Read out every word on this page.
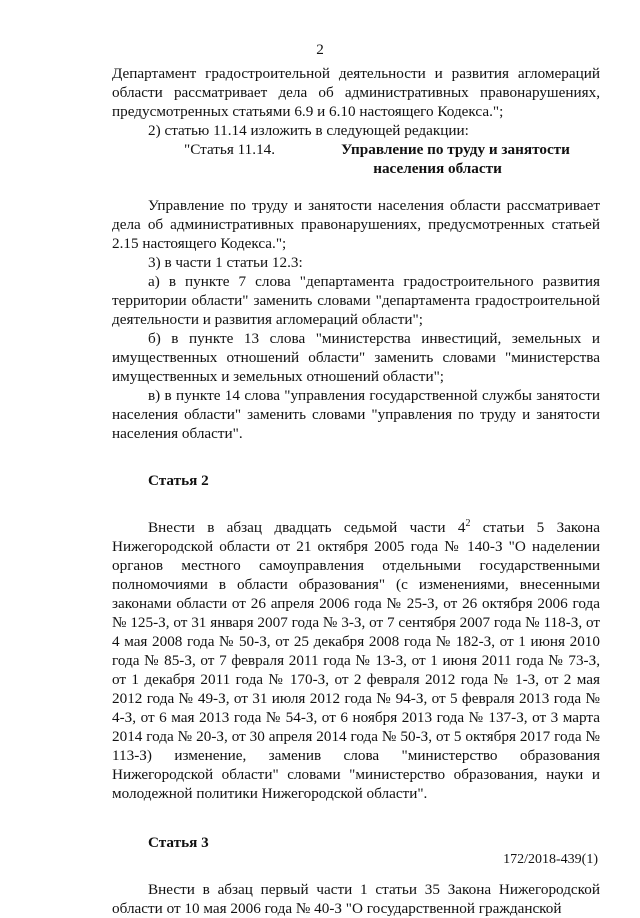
2

Департамент градостроительной деятельности и развития агломераций области рассматривает дела об административных правонарушениях, предусмотренных статьями 6.9 и 6.10 настоящего Кодекса.";

2) статью 11.14 изложить в следующей редакции:

"Статья 11.14.	Управление по труду и занятости населения области

Управление по труду и занятости населения области рассматривает дела об административных правонарушениях, предусмотренных статьей 2.15 настоящего Кодекса.";

3) в части 1 статьи 12.3:

а) в пункте 7 слова "департамента градостроительного развития территории области" заменить словами "департамента градостроительной деятельности и развития агломераций области";

б) в пункте 13 слова "министерства инвестиций, земельных и имущественных отношений области" заменить словами "министерства имущественных и земельных отношений области";

в) в пункте 14 слова "управления государственной службы занятости населения области" заменить словами "управления по труду и занятости населения области".

Статья 2

Внести в абзац двадцать седьмой части $4^2$ статьи 5 Закона Нижегородской области от 21 октября 2005 года № 140-З "О наделении органов местного самоуправления отдельными государственными полномочиями в области образования" (с изменениями, внесенными законами области от 26 апреля 2006 года № 25-З, от 26 октября 2006 года № 125-З, от 31 января 2007 года № 3-З, от 7 сентября 2007 года № 118-З, от 4 мая 2008 года № 50-З, от 25 декабря 2008 года № 182-З, от 1 июня 2010 года № 85-З, от 7 февраля 2011 года № 13-З, от 1 июня 2011 года № 73-З, от 1 декабря 2011 года № 170-З, от 2 февраля 2012 года № 1-З, от 2 мая 2012 года № 49-З, от 31 июля 2012 года № 94-З, от 5 февраля 2013 года № 4-З, от 6 мая 2013 года № 54-З, от 6 ноября 2013 года № 137-З, от 3 марта 2014 года № 20-З, от 30 апреля 2014 года № 50-З, от 5 октября 2017 года № 113-З) изменение, заменив слова "министерство образования Нижегородской области" словами "министерство образования, науки и молодежной политики Нижегородской области".

Статья 3

Внести в абзац первый части 1 статьи 35 Закона Нижегородской области от 10 мая 2006 года № 40-З "О государственной гражданской

172/2018-439(1)
